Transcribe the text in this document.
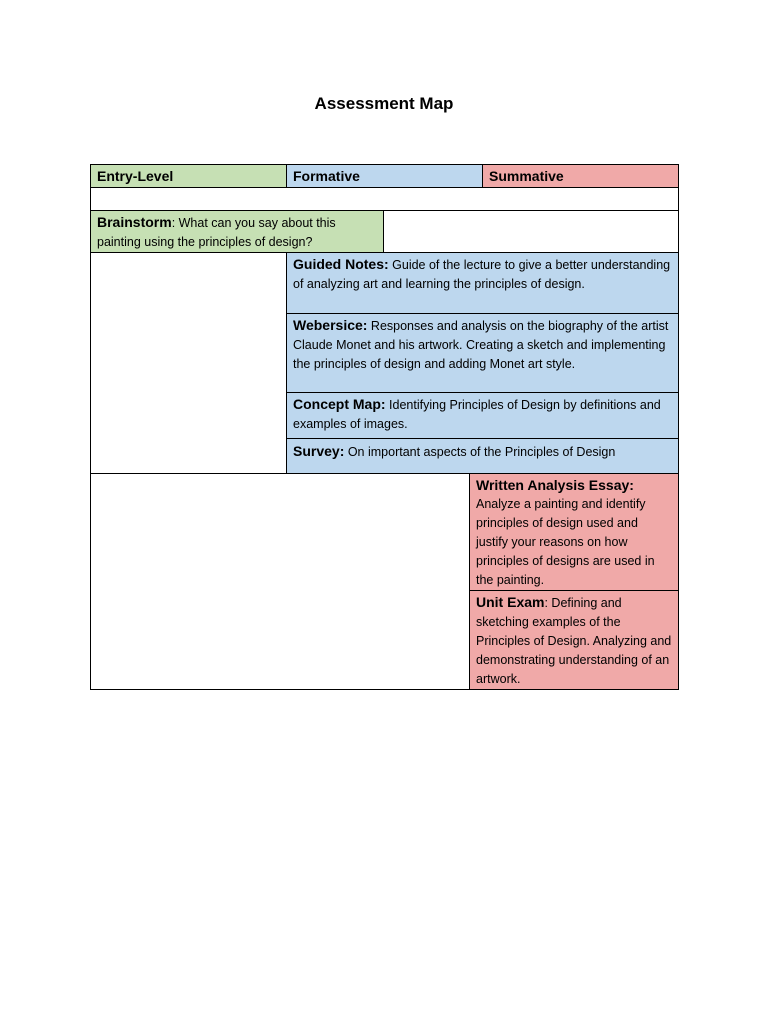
Assessment Map
Entry-Level	Formative	Summative
Brainstorm: What can you say about this painting using the principles of design?
Guided Notes: Guide of the lecture to give a better understanding of analyzing art and learning the principles of design.
Webersice: Responses and analysis on the biography of the artist Claude Monet and his artwork. Creating a sketch and implementing the principles of design and adding Monet art style.
Concept Map: Identifying Principles of Design by definitions and examples of images.
Survey: On important aspects of the Principles of Design
Written Analysis Essay:
Analyze a painting and identify principles of design used and justify your reasons on how principles of designs are used in the painting.
Unit Exam: Defining and sketching examples of the Principles of Design. Analyzing and demonstrating understanding of an artwork.
